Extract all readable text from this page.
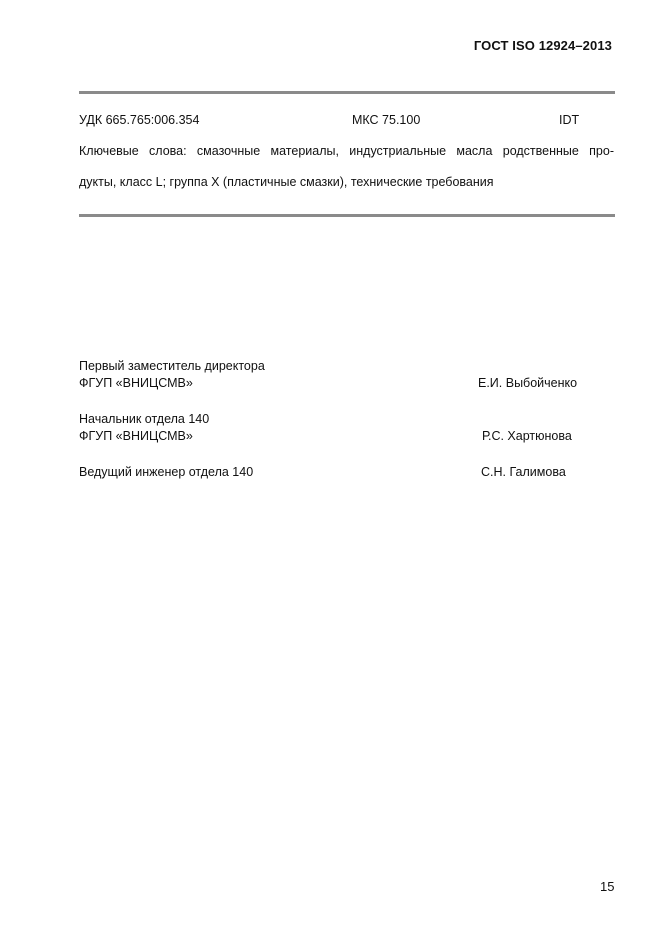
ГОСТ ISO 12924–2013
УДК 665.765:006.354	МКС 75.100	IDT
Ключевые слова: смазочные материалы, индустриальные масла родственные про-
дукты, класс L; группа X (пластичные смазки), технические требования
Первый заместитель директора
ФГУП «ВНИЦСМВ»	Е.И. Выбойченко
Начальник отдела 140
ФГУП «ВНИЦСМВ»	Р.С. Хартюнова
Ведущий инженер отдела 140	С.Н. Галимова
15
